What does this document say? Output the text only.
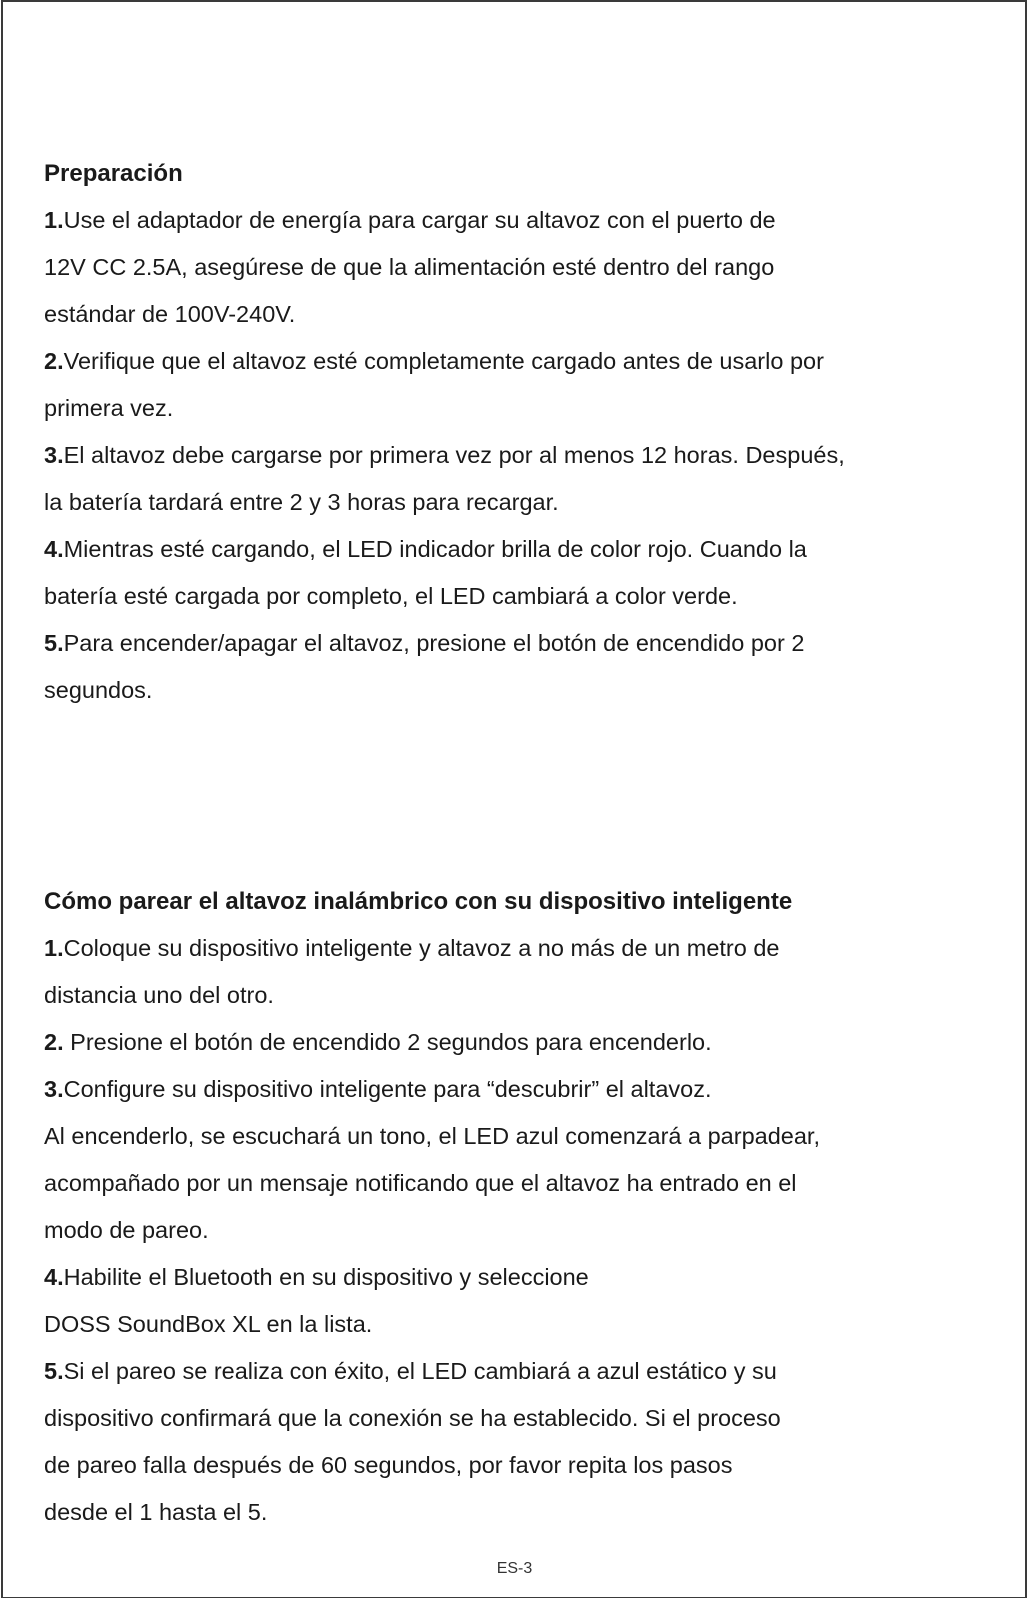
Preparación

1.Use el adaptador de energía para cargar su altavoz con el puerto de

12V CC 2.5A, asegúrese de que la alimentación esté dentro del rango

estándar de 100V-240V.

2.Verifique que el altavoz esté completamente cargado antes de usarlo por

primera vez.

3.El altavoz debe cargarse por primera vez por al menos 12 horas. Después,

la batería tardará entre 2 y 3 horas para recargar.

4.Mientras esté cargando, el LED indicador brilla de color rojo. Cuando la

batería esté cargada por completo, el LED cambiará a color verde.

5.Para encender/apagar el altavoz, presione el botón de encendido por 2

segundos.

Cómo parear el altavoz inalámbrico con su dispositivo inteligente

1.Coloque su dispositivo inteligente y altavoz a no más de un metro de

distancia uno del otro.

2. Presione el botón de encendido 2 segundos para encenderlo.

3.Configure su dispositivo inteligente para “descubrir” el altavoz.

Al encenderlo, se escuchará un tono, el LED azul comenzará a parpadear,

acompañado por un mensaje notificando que el altavoz ha entrado en el

modo de pareo.

4.Habilite el Bluetooth en su dispositivo y seleccione

DOSS SoundBox XL en la lista.

5.Si el pareo se realiza con éxito, el LED cambiará a azul estático y su

dispositivo confirmará que la conexión se ha establecido. Si el proceso

de pareo falla después de 60 segundos, por favor repita los pasos

desde el 1 hasta el 5.

ES-3
